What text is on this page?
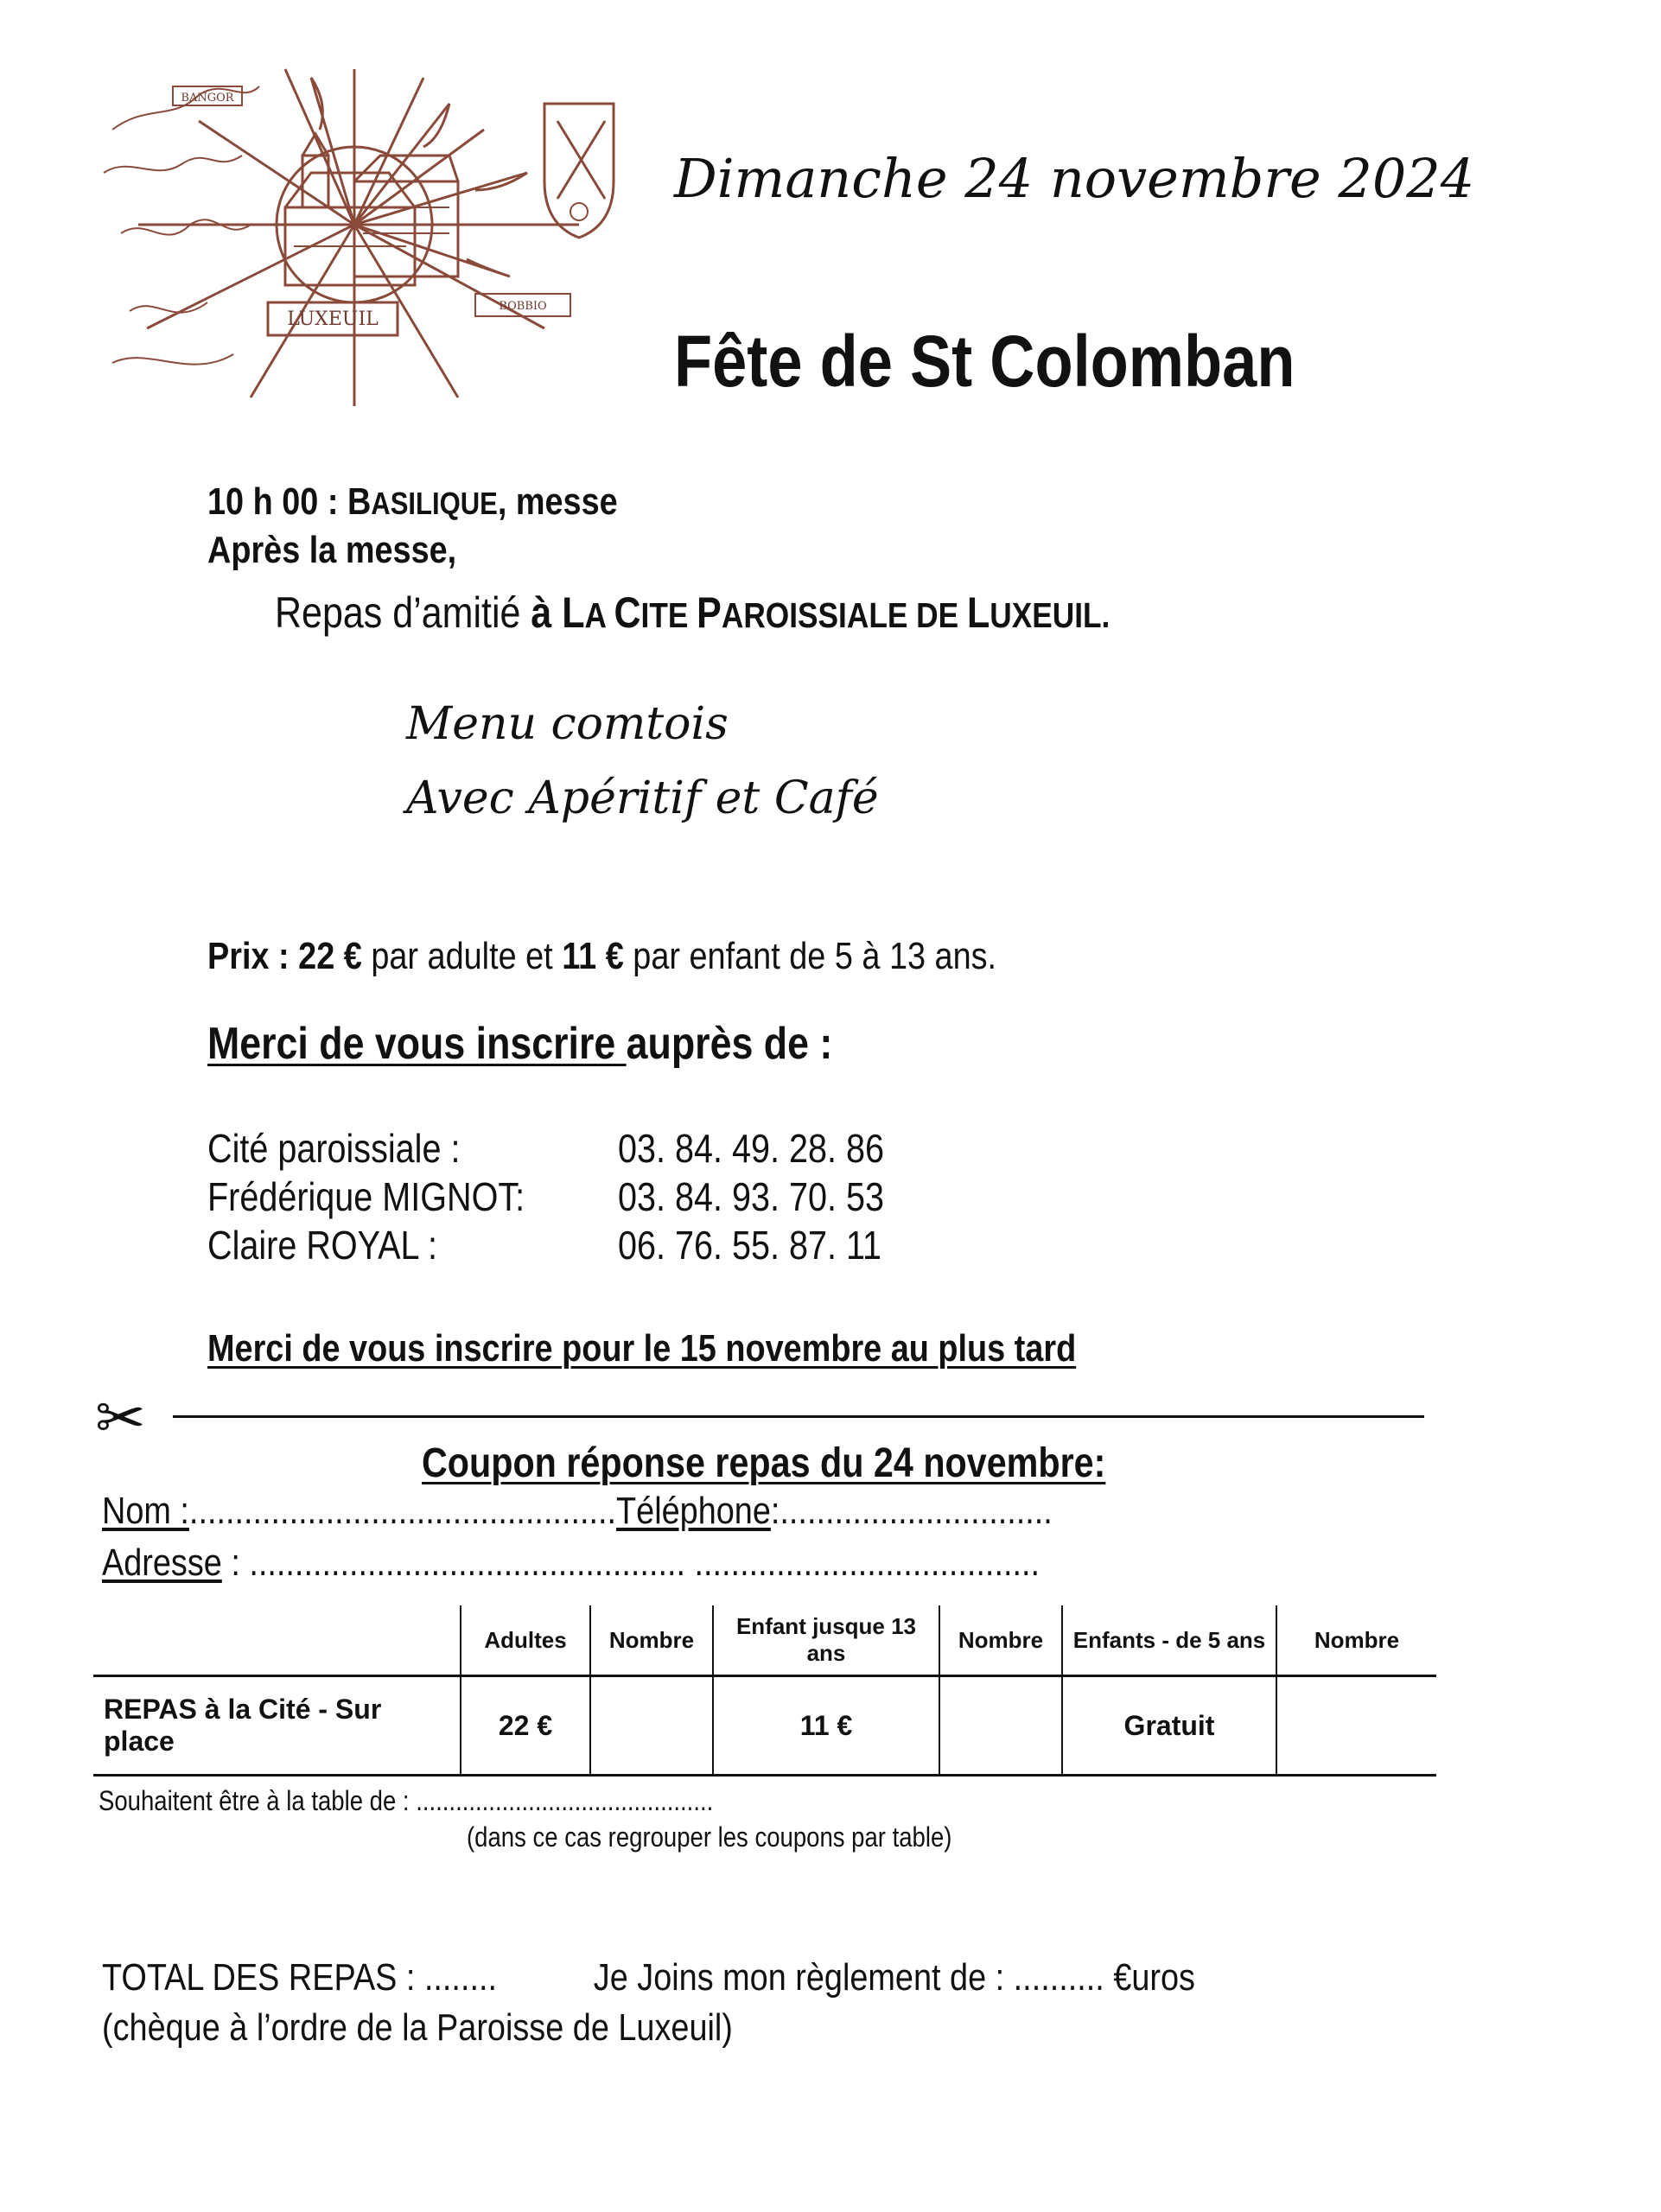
LUXEUIL
BOBBIO
BANGOR
Dimanche 24 novembre 2024
Fête de St Colomban
10 h 00 : BASILIQUE, messe
Après la messe,
Repas d’amitié à LA CITE PAROISSIALE DE LUXEUIL.
Menu comtois
Avec Apéritif et Café
Prix : 22 € par adulte et 11 € par enfant de 5 à 13 ans.
Merci de vous inscrire auprès de :
Cité paroissiale :	03. 84. 49. 28. 86
Frédérique MIGNOT:	03. 84. 93. 70. 53
Claire ROYAL :	06. 76. 55. 87. 11
Merci de vous inscrire pour le 15 novembre au plus tard
✂
Coupon réponse repas du 24 novembre:
Nom :...............................................Téléphone:..............................
Adresse : ................................................ ......................................
	Adultes	Nombre	Enfant jusque 13 ans	Nombre	Enfants - de 5 ans	Nombre
REPAS à la Cité - Sur place	22 €		11 €		Gratuit	
Souhaitent être à la table de : .............................................
(dans ce cas regrouper les coupons par table)
TOTAL DES REPAS : ........	Je Joins mon règlement de : .......... €uros
(chèque à l’ordre de la Paroisse de Luxeuil)
